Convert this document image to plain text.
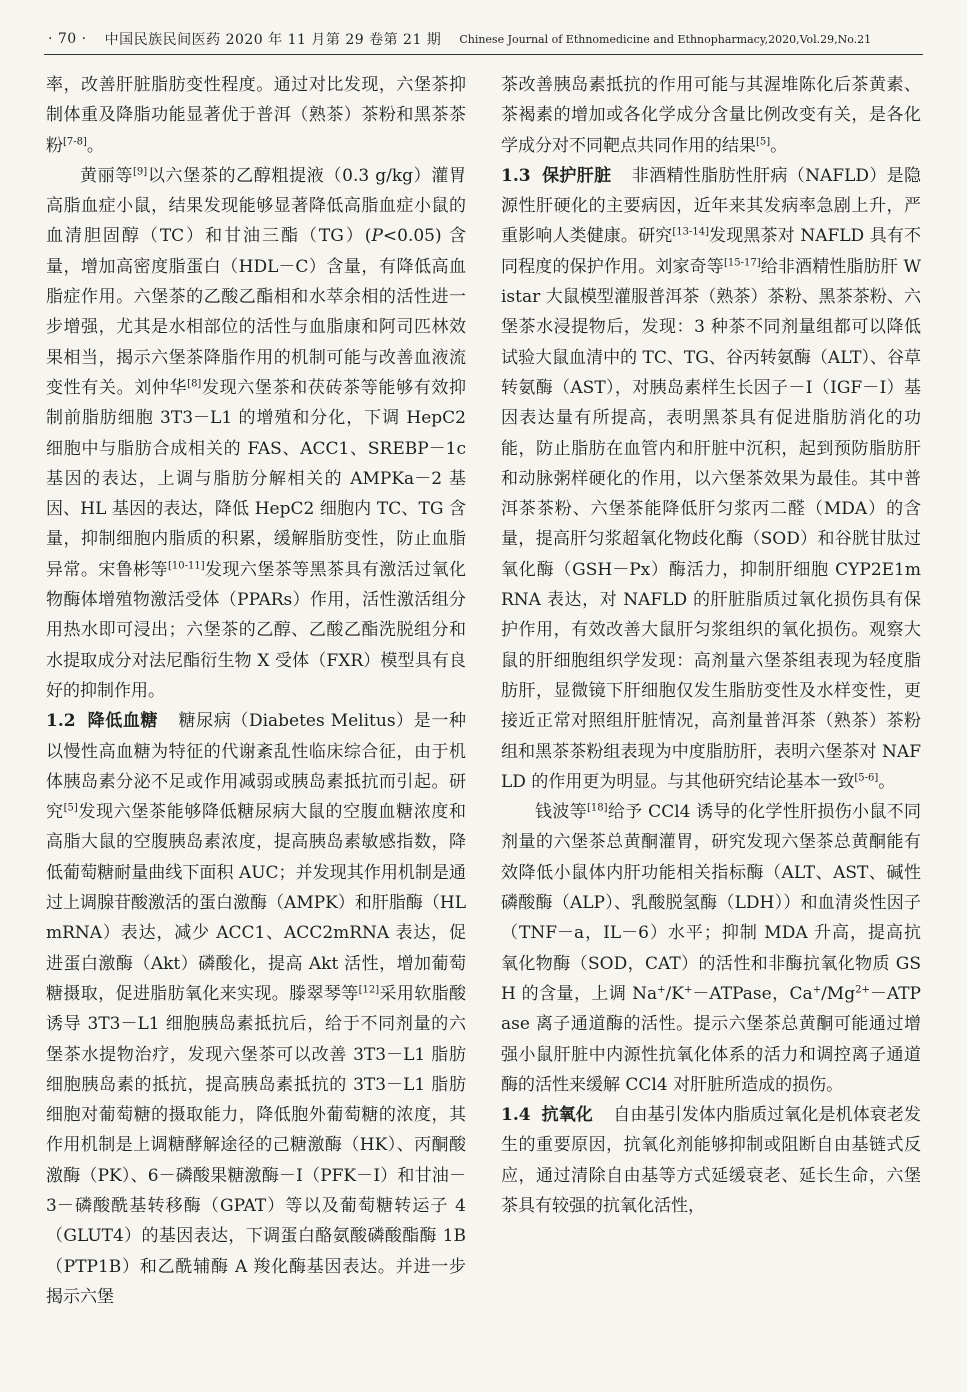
· 70 · 中国民族民间医药 2020 年 11 月第 29 卷第 21 期 Chinese Journal of Ethnomedicine and Ethnopharmacy,2020,Vol.29,No.21

率，改善肝脏脂肪变性程度。通过对比发现，六堡茶抑制体重及降脂功能显著优于普洱（熟茶）茶粉和黑茶茶粉[7-8]。

黄丽等[9]以六堡茶的乙醇粗提液（0.3 g/kg）灌胃高脂血症小鼠，结果发现能够显著降低高脂血症小鼠的血清胆固醇（TC）和甘油三酯（TG）(P<0.05) 含量，增加高密度脂蛋白（HDL－C）含量，有降低高血脂症作用。六堡茶的乙酸乙酯相和水萃余相的活性进一步增强，尤其是水相部位的活性与血脂康和阿司匹林效果相当，揭示六堡茶降脂作用的机制可能与改善血液流变性有关。刘仲华[8]发现六堡茶和茯砖茶等能够有效抑制前脂肪细胞 3T3－L1 的增殖和分化，下调 HepC2 细胞中与脂肪合成相关的 FAS、ACC1、SREBP－1c 基因的表达，上调与脂肪分解相关的 AMPKa－2 基因、HL 基因的表达，降低 HepC2 细胞内 TC、TG 含量，抑制细胞内脂质的积累，缓解脂肪变性，防止血脂异常。宋鲁彬等[10-11]发现六堡茶等黑茶具有激活过氧化物酶体增殖物激活受体（PPARs）作用，活性激活组分用热水即可浸出；六堡茶的乙醇、乙酸乙酯洗脱组分和水提取成分对法尼酯衍生物 X 受体（FXR）模型具有良好的抑制作用。

1.2 降低血糖 糖尿病（Diabetes Melitus）是一种以慢性高血糖为特征的代谢紊乱性临床综合征，由于机体胰岛素分泌不足或作用减弱或胰岛素抵抗而引起。研究[5]发现六堡茶能够降低糖尿病大鼠的空腹血糖浓度和高脂大鼠的空腹胰岛素浓度，提高胰岛素敏感指数，降低葡萄糖耐量曲线下面积 AUC；并发现其作用机制是通过上调腺苷酸激活的蛋白激酶（AMPK）和肝脂酶（HLmRNA）表达，减少 ACC1、ACC2mRNA 表达，促进蛋白激酶（Akt）磷酸化，提高 Akt 活性，增加葡萄糖摄取，促进脂肪氧化来实现。滕翠琴等[12]采用软脂酸诱导 3T3－L1 细胞胰岛素抵抗后，给于不同剂量的六堡茶水提物治疗，发现六堡茶可以改善 3T3－L1 脂肪细胞胰岛素的抵抗，提高胰岛素抵抗的 3T3－L1 脂肪细胞对葡萄糖的摄取能力，降低胞外葡萄糖的浓度，其作用机制是上调糖酵解途径的己糖激酶（HK）、丙酮酸激酶（PK）、6－磷酸果糖激酶－Ⅰ（PFK－Ⅰ）和甘油－3－磷酸酰基转移酶（GPAT）等以及葡萄糖转运子 4（GLUT4）的基因表达，下调蛋白酪氨酸磷酸酯酶 1B（PTP1B）和乙酰辅酶 A 羧化酶基因表达。并进一步揭示六堡

茶改善胰岛素抵抗的作用可能与其渥堆陈化后茶黄素、茶褐素的增加或各化学成分含量比例改变有关，是各化学成分对不同靶点共同作用的结果[5]。

1.3 保护肝脏 非酒精性脂肪性肝病（NAFLD）是隐源性肝硬化的主要病因，近年来其发病率急剧上升，严重影响人类健康。研究[13-14]发现黑茶对 NAFLD 具有不同程度的保护作用。刘家奇等[15-17]给非酒精性脂肪肝 Wistar 大鼠模型灌服普洱茶（熟茶）茶粉、黑茶茶粉、六堡茶水浸提物后，发现：3 种茶不同剂量组都可以降低试验大鼠血清中的 TC、TG、谷丙转氨酶（ALT）、谷草转氨酶（AST），对胰岛素样生长因子－Ⅰ（IGF－Ⅰ）基因表达量有所提高，表明黑茶具有促进脂肪消化的功能，防止脂肪在血管内和肝脏中沉积，起到预防脂肪肝和动脉粥样硬化的作用，以六堡茶效果为最佳。其中普洱茶茶粉、六堡茶能降低肝匀浆丙二醛（MDA）的含量，提高肝匀浆超氧化物歧化酶（SOD）和谷胱甘肽过氧化酶（GSH－Px）酶活力，抑制肝细胞 CYP2E1mRNA 表达，对 NAFLD 的肝脏脂质过氧化损伤具有保护作用，有效改善大鼠肝匀浆组织的氧化损伤。观察大鼠的肝细胞组织学发现：高剂量六堡茶组表现为轻度脂肪肝，显微镜下肝细胞仅发生脂肪变性及水样变性，更接近正常对照组肝脏情况，高剂量普洱茶（熟茶）茶粉组和黑茶茶粉组表现为中度脂肪肝，表明六堡茶对 NAFLD 的作用更为明显。与其他研究结论基本一致[5-6]。

钱波等[18]给予 CCl4 诱导的化学性肝损伤小鼠不同剂量的六堡茶总黄酮灌胃，研究发现六堡茶总黄酮能有效降低小鼠体内肝功能相关指标酶（ALT、AST、碱性磷酸酶（ALP）、乳酸脱氢酶（LDH））和血清炎性因子（TNF－a，IL－6）水平；抑制 MDA 升高，提高抗氧化物酶（SOD，CAT）的活性和非酶抗氧化物质 GSH 的含量，上调 Na+/K+－ATPase，$Ca^+/Mg^{2+}-ATPase$ 离子通道酶的活性。提示六堡茶总黄酮可能通过增强小鼠肝脏中内源性抗氧化体系的活力和调控离子通道酶的活性来缓解 CCl4 对肝脏所造成的损伤。

1.4 抗氧化 自由基引发体内脂质过氧化是机体衰老发生的重要原因，抗氧化剂能够抑制或阻断自由基链式反应，通过清除自由基等方式延缓衰老、延长生命，六堡茶具有较强的抗氧化活性，
